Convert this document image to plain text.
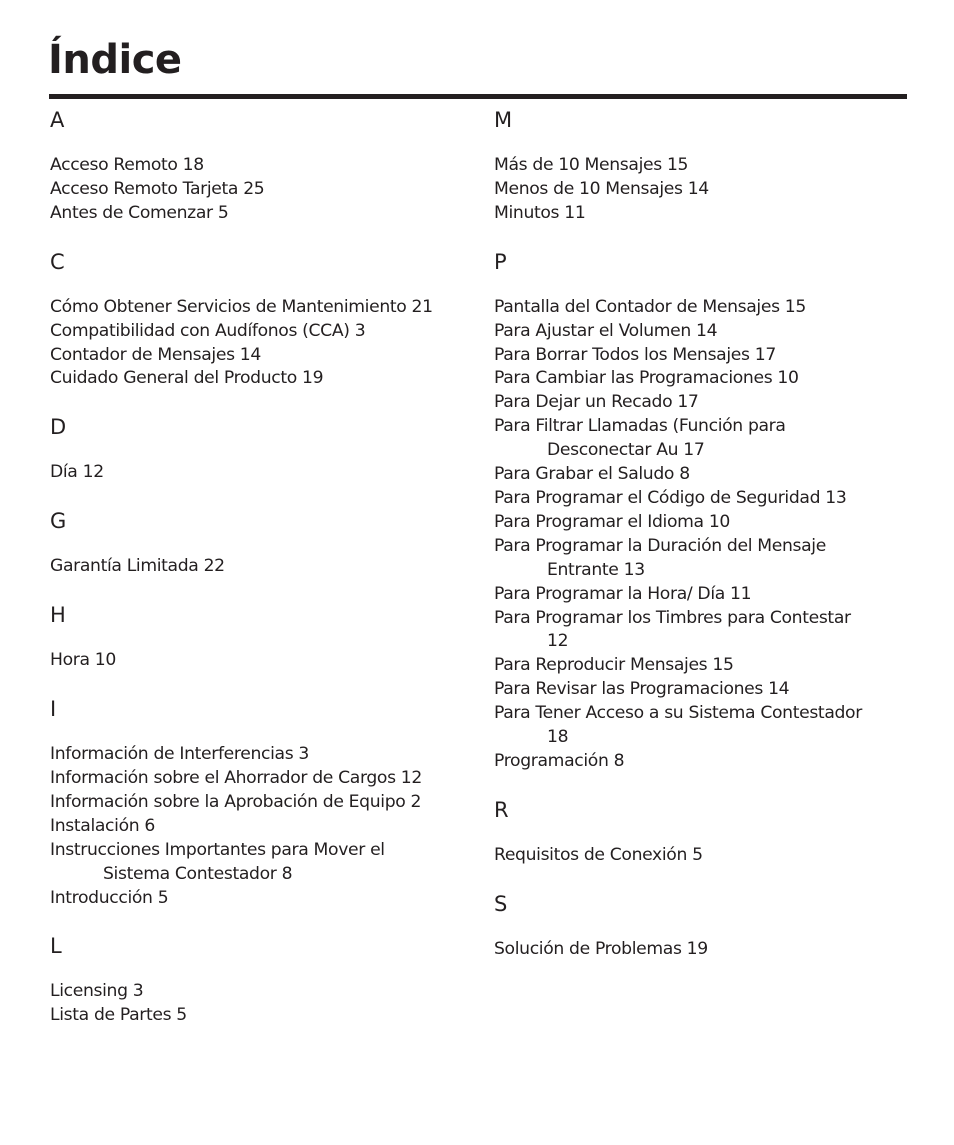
Índice
A
Acceso Remoto 18
Acceso Remoto Tarjeta 25
Antes de Comenzar 5
C
Cómo Obtener Servicios de Mantenimiento 21
Compatibilidad con Audífonos (CCA) 3
Contador de Mensajes 14
Cuidado General del Producto 19
D
Día 12
G
Garantía Limitada 22
H
Hora 10
I
Información de Interferencias 3
Información sobre el Ahorrador de Cargos 12
Información sobre la Aprobación de Equipo 2
Instalación 6
Instrucciones Importantes para Mover el
Sistema Contestador 8
Introducción 5
L
Licensing 3
Lista de Partes 5
M
Más de 10 Mensajes 15
Menos de 10 Mensajes 14
Minutos 11
P
Pantalla del Contador de Mensajes 15
Para Ajustar el Volumen 14
Para Borrar Todos los Mensajes 17
Para Cambiar las Programaciones 10
Para Dejar un Recado 17
Para Filtrar Llamadas (Función para
Desconectar Au 17
Para Grabar el Saludo 8
Para Programar el Código de Seguridad 13
Para Programar el Idioma 10
Para Programar la Duración del Mensaje
Entrante 13
Para Programar la Hora/ Día 11
Para Programar los Timbres para Contestar
12
Para Reproducir Mensajes 15
Para Revisar las Programaciones 14
Para Tener Acceso a su Sistema Contestador
18
Programación 8
R
Requisitos de Conexión 5
S
Solución de Problemas 19
